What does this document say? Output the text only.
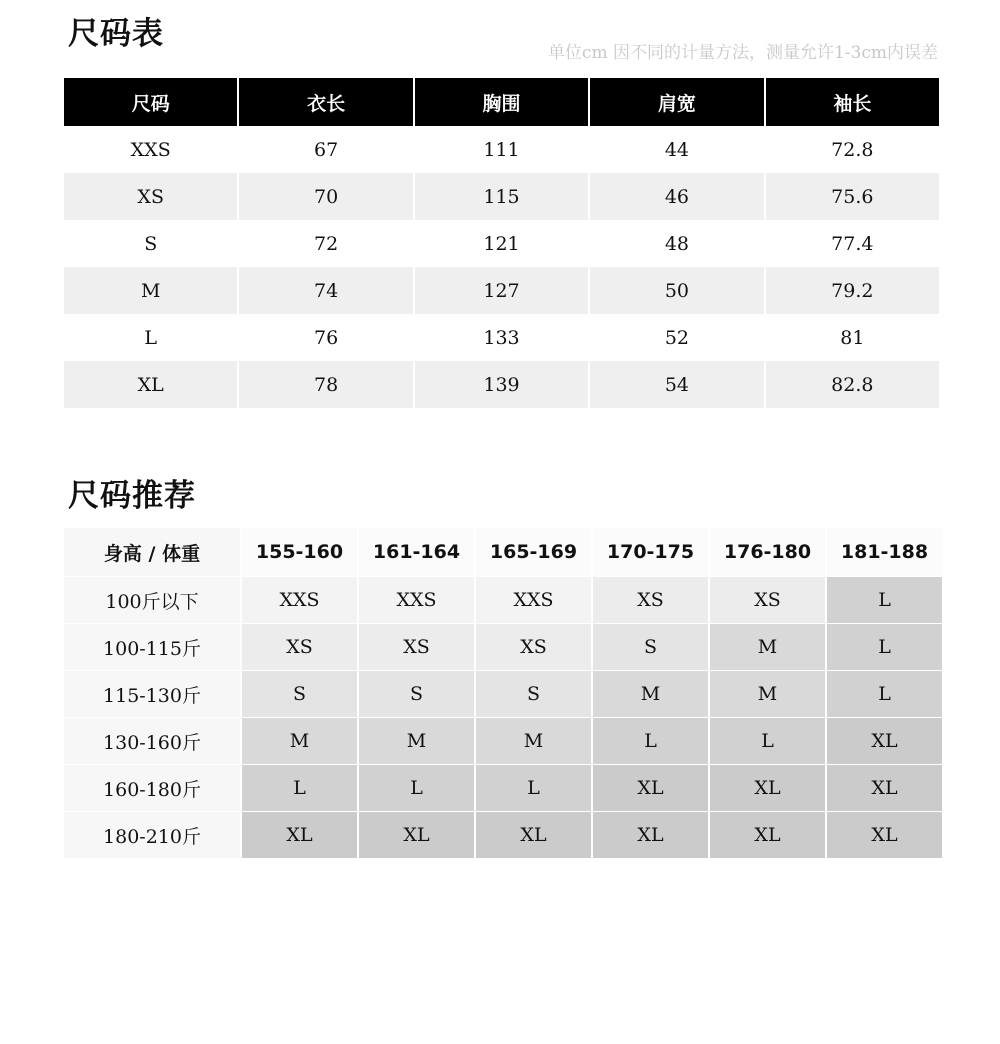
尺码表
单位cm 因不同的计量方法，测量允许1-3cm内误差
尺码	衣长	胸围	肩宽	袖长
XXS	67	111	44	72.8
XS	70	115	46	75.6
S	72	121	48	77.4
M	74	127	50	79.2
L	76	133	52	81
XL	78	139	54	82.8
尺码推荐
身高 / 体重	155-160	161-164	165-169	170-175	176-180	181-188
100斤以下	XXS	XXS	XXS	XS	XS	L
100-115斤	XS	XS	XS	S	M	L
115-130斤	S	S	S	M	M	L
130-160斤	M	M	M	L	L	XL
160-180斤	L	L	L	XL	XL	XL
180-210斤	XL	XL	XL	XL	XL	XL
